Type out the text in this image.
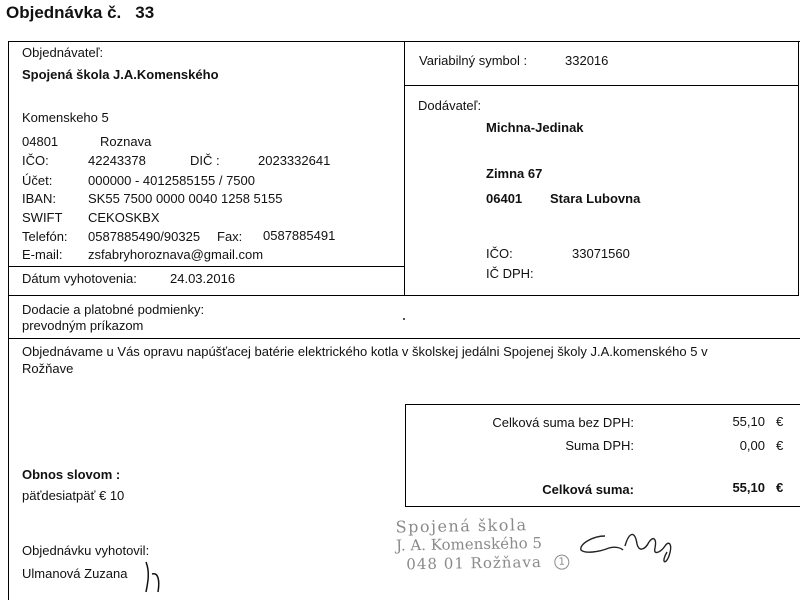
Objednávka č. 33
Objednávateľ:
Spojená škola J.A.Komenského
Komenskeho 5
04801	Roznava
IČO:	42243378	DIČ :	2023332641
Účet:	000000 - 4012585155 / 7500
IBAN: SK55 7500 0000 0040 1258 5155
SWIFT CEKOSKBX
Telefón: 0587885490/90325 Fax: 0587885491
E-mail: zsfabryhoroznava@gmail.com
Dátum vyhotovenia:	24.03.2016
Variabilný symbol :	332016
Dodávateľ:
Michna-Jedinak
Zimna 67
06401 Stara Lubovna
IČO:	33071560
IČ DPH:
Dodacie a platobné podmienky:
prevodným príkazom
Objednávame u Vás opravu napúšťacej batérie elektrického kotla v školskej jedálni Spojenej školy J.A.komenského 5 v
Rožňave
Celková suma bez DPH:	55,10 €
Suma DPH:	0,00 €
Celková suma:	55,10 €
Obnos slovom :
päťdesiatpäť € 10
Objednávku vyhotovil:
Ulmanová Zuzana
Spojená škola
J. A. Komenského 5
048 01 Rožňava	1
